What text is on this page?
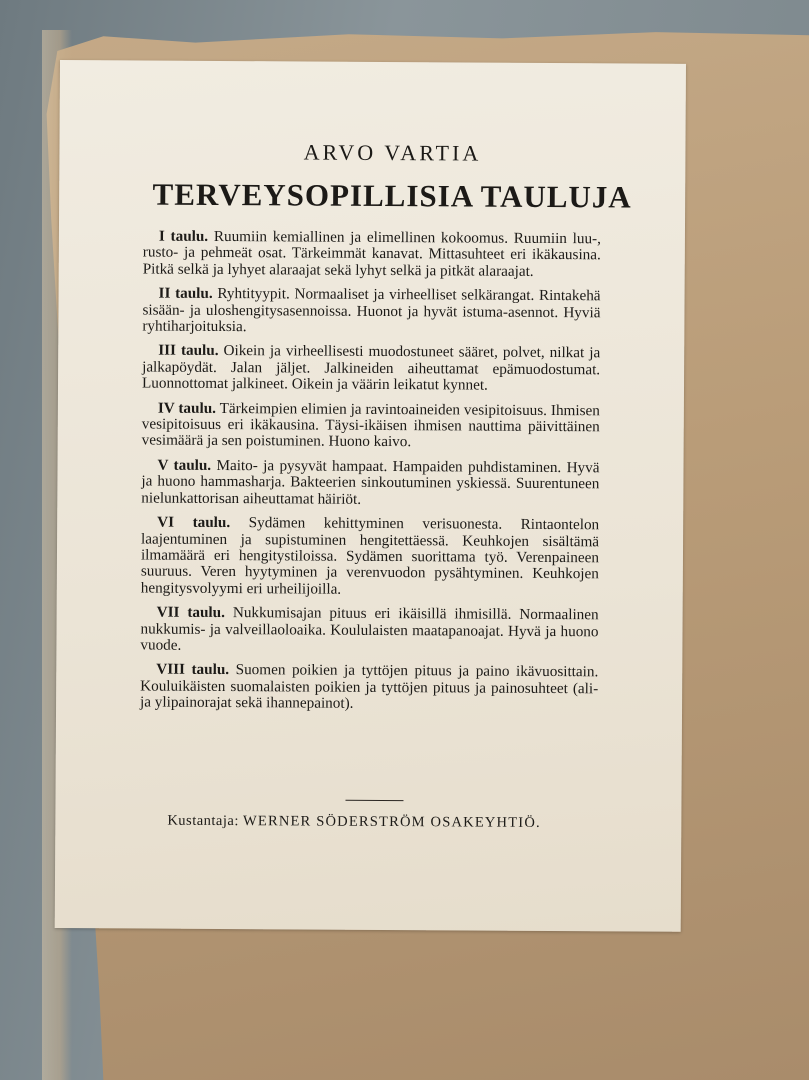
ARVO VARTIA
TERVEYSOPILLISIA TAULUJA

I taulu. Ruumiin kemiallinen ja elimellinen kokoomus. Ruumiin luu-, rusto- ja pehmeät osat. Tärkeimmät kanavat. Mittasuhteet eri ikäkausina. Pitkä selkä ja lyhyet alaraajat sekä lyhyt selkä ja pitkät alaraajat.

II taulu. Ryhtityypit. Normaaliset ja virheelliset selkärangat. Rintakehä sisään- ja uloshengitysasennoissa. Huonot ja hyvät istuma-asennot. Hyviä ryhtiharjoituksia.

III taulu. Oikein ja virheellisesti muodostuneet sääret, polvet, nilkat ja jalkapöydät. Jalan jäljet. Jalkineiden aiheuttamat epämuodostumat. Luonnottomat jalkineet. Oikein ja väärin leikatut kynnet.

IV taulu. Tärkeimpien elimien ja ravintoaineiden vesipitoisuus. Ihmisen vesipitoisuus eri ikäkausina. Täysi-ikäisen ihmisen nauttima päivittäinen vesimäärä ja sen poistuminen. Huono kaivo.

V taulu. Maito- ja pysyvät hampaat. Hampaiden puhdistaminen. Hyvä ja huono hammasharja. Bakteerien sinkoutuminen yskiessä. Suurentuneen nielunkattorisan aiheuttamat häiriöt.

VI taulu. Sydämen kehittyminen verisuonesta. Rintaontelon laajentuminen ja supistuminen hengitettäessä. Keuhkojen sisältämä ilmamäärä eri hengitystiloissa. Sydämen suorittama työ. Verenpaineen suuruus. Veren hyytyminen ja verenvuodon pysähtyminen. Keuhkojen hengitysvolyymi eri urheilijoilla.

VII taulu. Nukkumisajan pituus eri ikäisillä ihmisillä. Normaalinen nukkumis- ja valveillaoloaika. Koululaisten maatapanoajat. Hyvä ja huono vuode.

VIII taulu. Suomen poikien ja tyttöjen pituus ja paino ikävuosittain. Kouluikäisten suomalaisten poikien ja tyttöjen pituus ja painosuhteet (ali- ja ylipainorajat sekä ihannepainot).

Kustantaja: WERNER SÖDERSTRÖM OSAKEYHTIÖ.
